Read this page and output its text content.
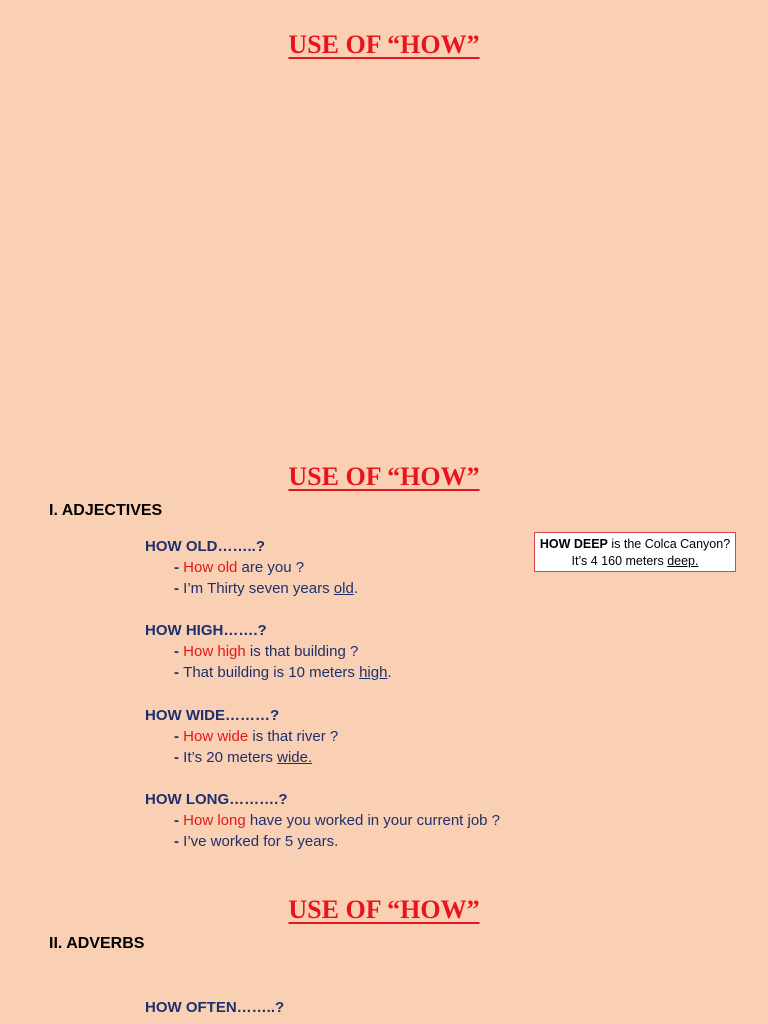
USE OF “HOW”
USE OF “HOW”
I. ADJECTIVES
HOW DEEP is the Colca Canyon?
It’s 4 160 meters deep.
HOW OLD……..?
- How old are you ?
- I’m Thirty seven years old.
HOW HIGH…….?
- How high is that building ?
- That building is 10 meters high.
HOW WIDE………?
- How wide is that river ?
- It’s 20 meters wide.
HOW LONG……….?
- How long have you worked in your current job ?
- I’ve worked for 5 years.
USE OF “HOW”
II. ADVERBS
HOW OFTEN……..?
